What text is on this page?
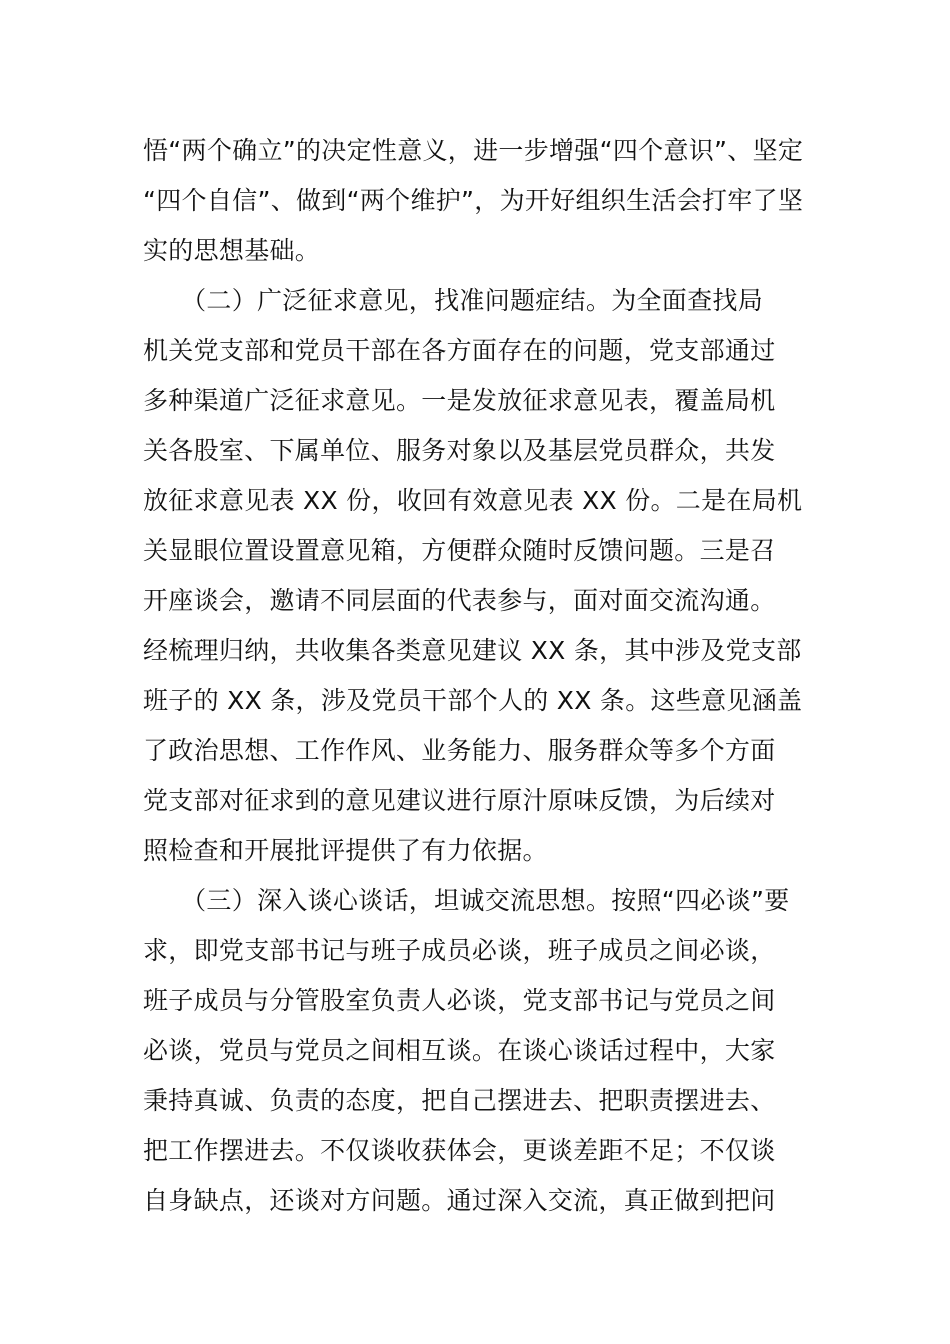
悟“两个确立”的决定性意义，进一步增强“四个意识”、坚定
“四个自信”、做到“两个维护”，为开好组织生活会打牢了坚
实的思想基础。
　　（二）广泛征求意见，找准问题症结。为全面查找局
机关党支部和党员干部在各方面存在的问题，党支部通过
多种渠道广泛征求意见。一是发放征求意见表，覆盖局机
关各股室、下属单位、服务对象以及基层党员群众，共发
放征求意见表 XX 份，收回有效意见表 XX 份。二是在局机
关显眼位置设置意见箱，方便群众随时反馈问题。三是召
开座谈会，邀请不同层面的代表参与，面对面交流沟通。
经梳理归纳，共收集各类意见建议 XX 条，其中涉及党支部
班子的 XX 条，涉及党员干部个人的 XX 条。这些意见涵盖
了政治思想、工作作风、业务能力、服务群众等多个方面
党支部对征求到的意见建议进行原汁原味反馈，为后续对
照检查和开展批评提供了有力依据。
　　（三）深入谈心谈话，坦诚交流思想。按照“四必谈”要
求，即党支部书记与班子成员必谈，班子成员之间必谈，
班子成员与分管股室负责人必谈，党支部书记与党员之间
必谈，党员与党员之间相互谈。在谈心谈话过程中，大家
秉持真诚、负责的态度，把自己摆进去、把职责摆进去、
把工作摆进去。不仅谈收获体会，更谈差距不足；不仅谈
自身缺点，还谈对方问题。通过深入交流，真正做到把问
